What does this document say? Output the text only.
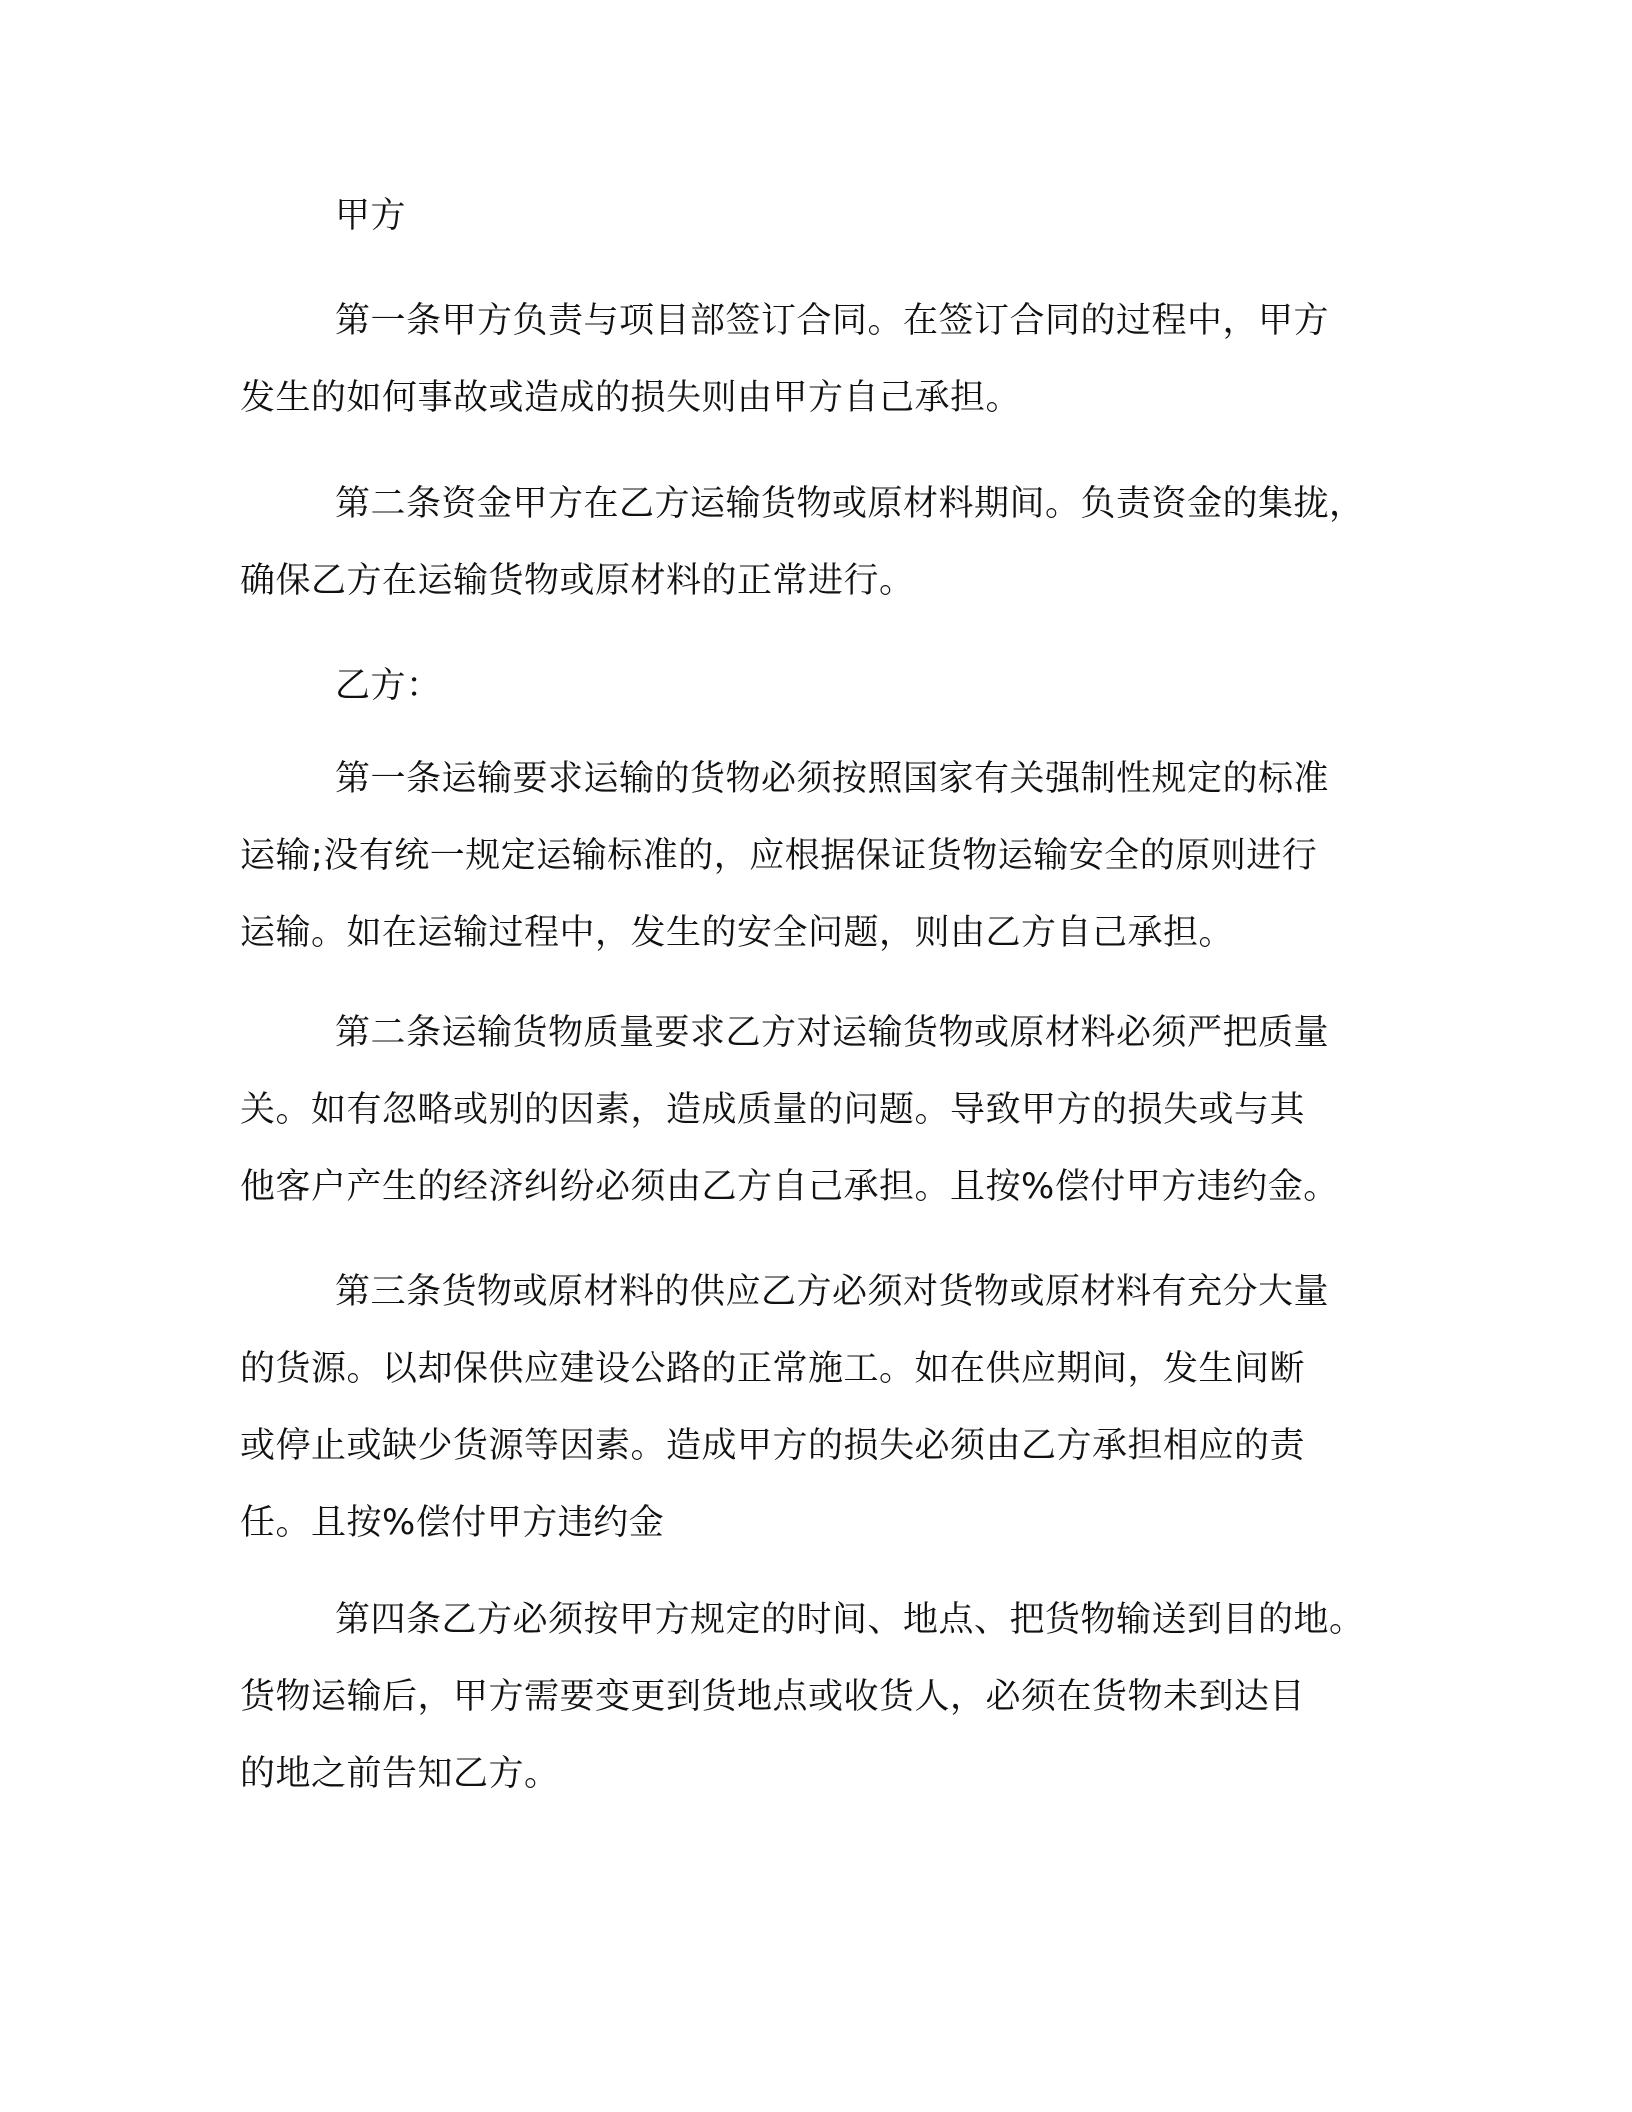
甲方

第一条甲方负责与项目部签订合同。在签订合同的过程中，甲方
发生的如何事故或造成的损失则由甲方自己承担。

第二条资金甲方在乙方运输货物或原材料期间。负责资金的集拢，
确保乙方在运输货物或原材料的正常进行。

乙方：

第一条运输要求运输的货物必须按照国家有关强制性规定的标准
运输;没有统一规定运输标准的，应根据保证货物运输安全的原则进行
运输。如在运输过程中，发生的安全问题，则由乙方自己承担。

第二条运输货物质量要求乙方对运输货物或原材料必须严把质量
关。如有忽略或别的因素，造成质量的问题。导致甲方的损失或与其
他客户产生的经济纠纷必须由乙方自己承担。且按%偿付甲方违约金。

第三条货物或原材料的供应乙方必须对货物或原材料有充分大量
的货源。以却保供应建设公路的正常施工。如在供应期间，发生间断
或停止或缺少货源等因素。造成甲方的损失必须由乙方承担相应的责
任。且按%偿付甲方违约金

第四条乙方必须按甲方规定的时间、地点、把货物输送到目的地。
货物运输后，甲方需要变更到货地点或收货人，必须在货物未到达目
的地之前告知乙方。
